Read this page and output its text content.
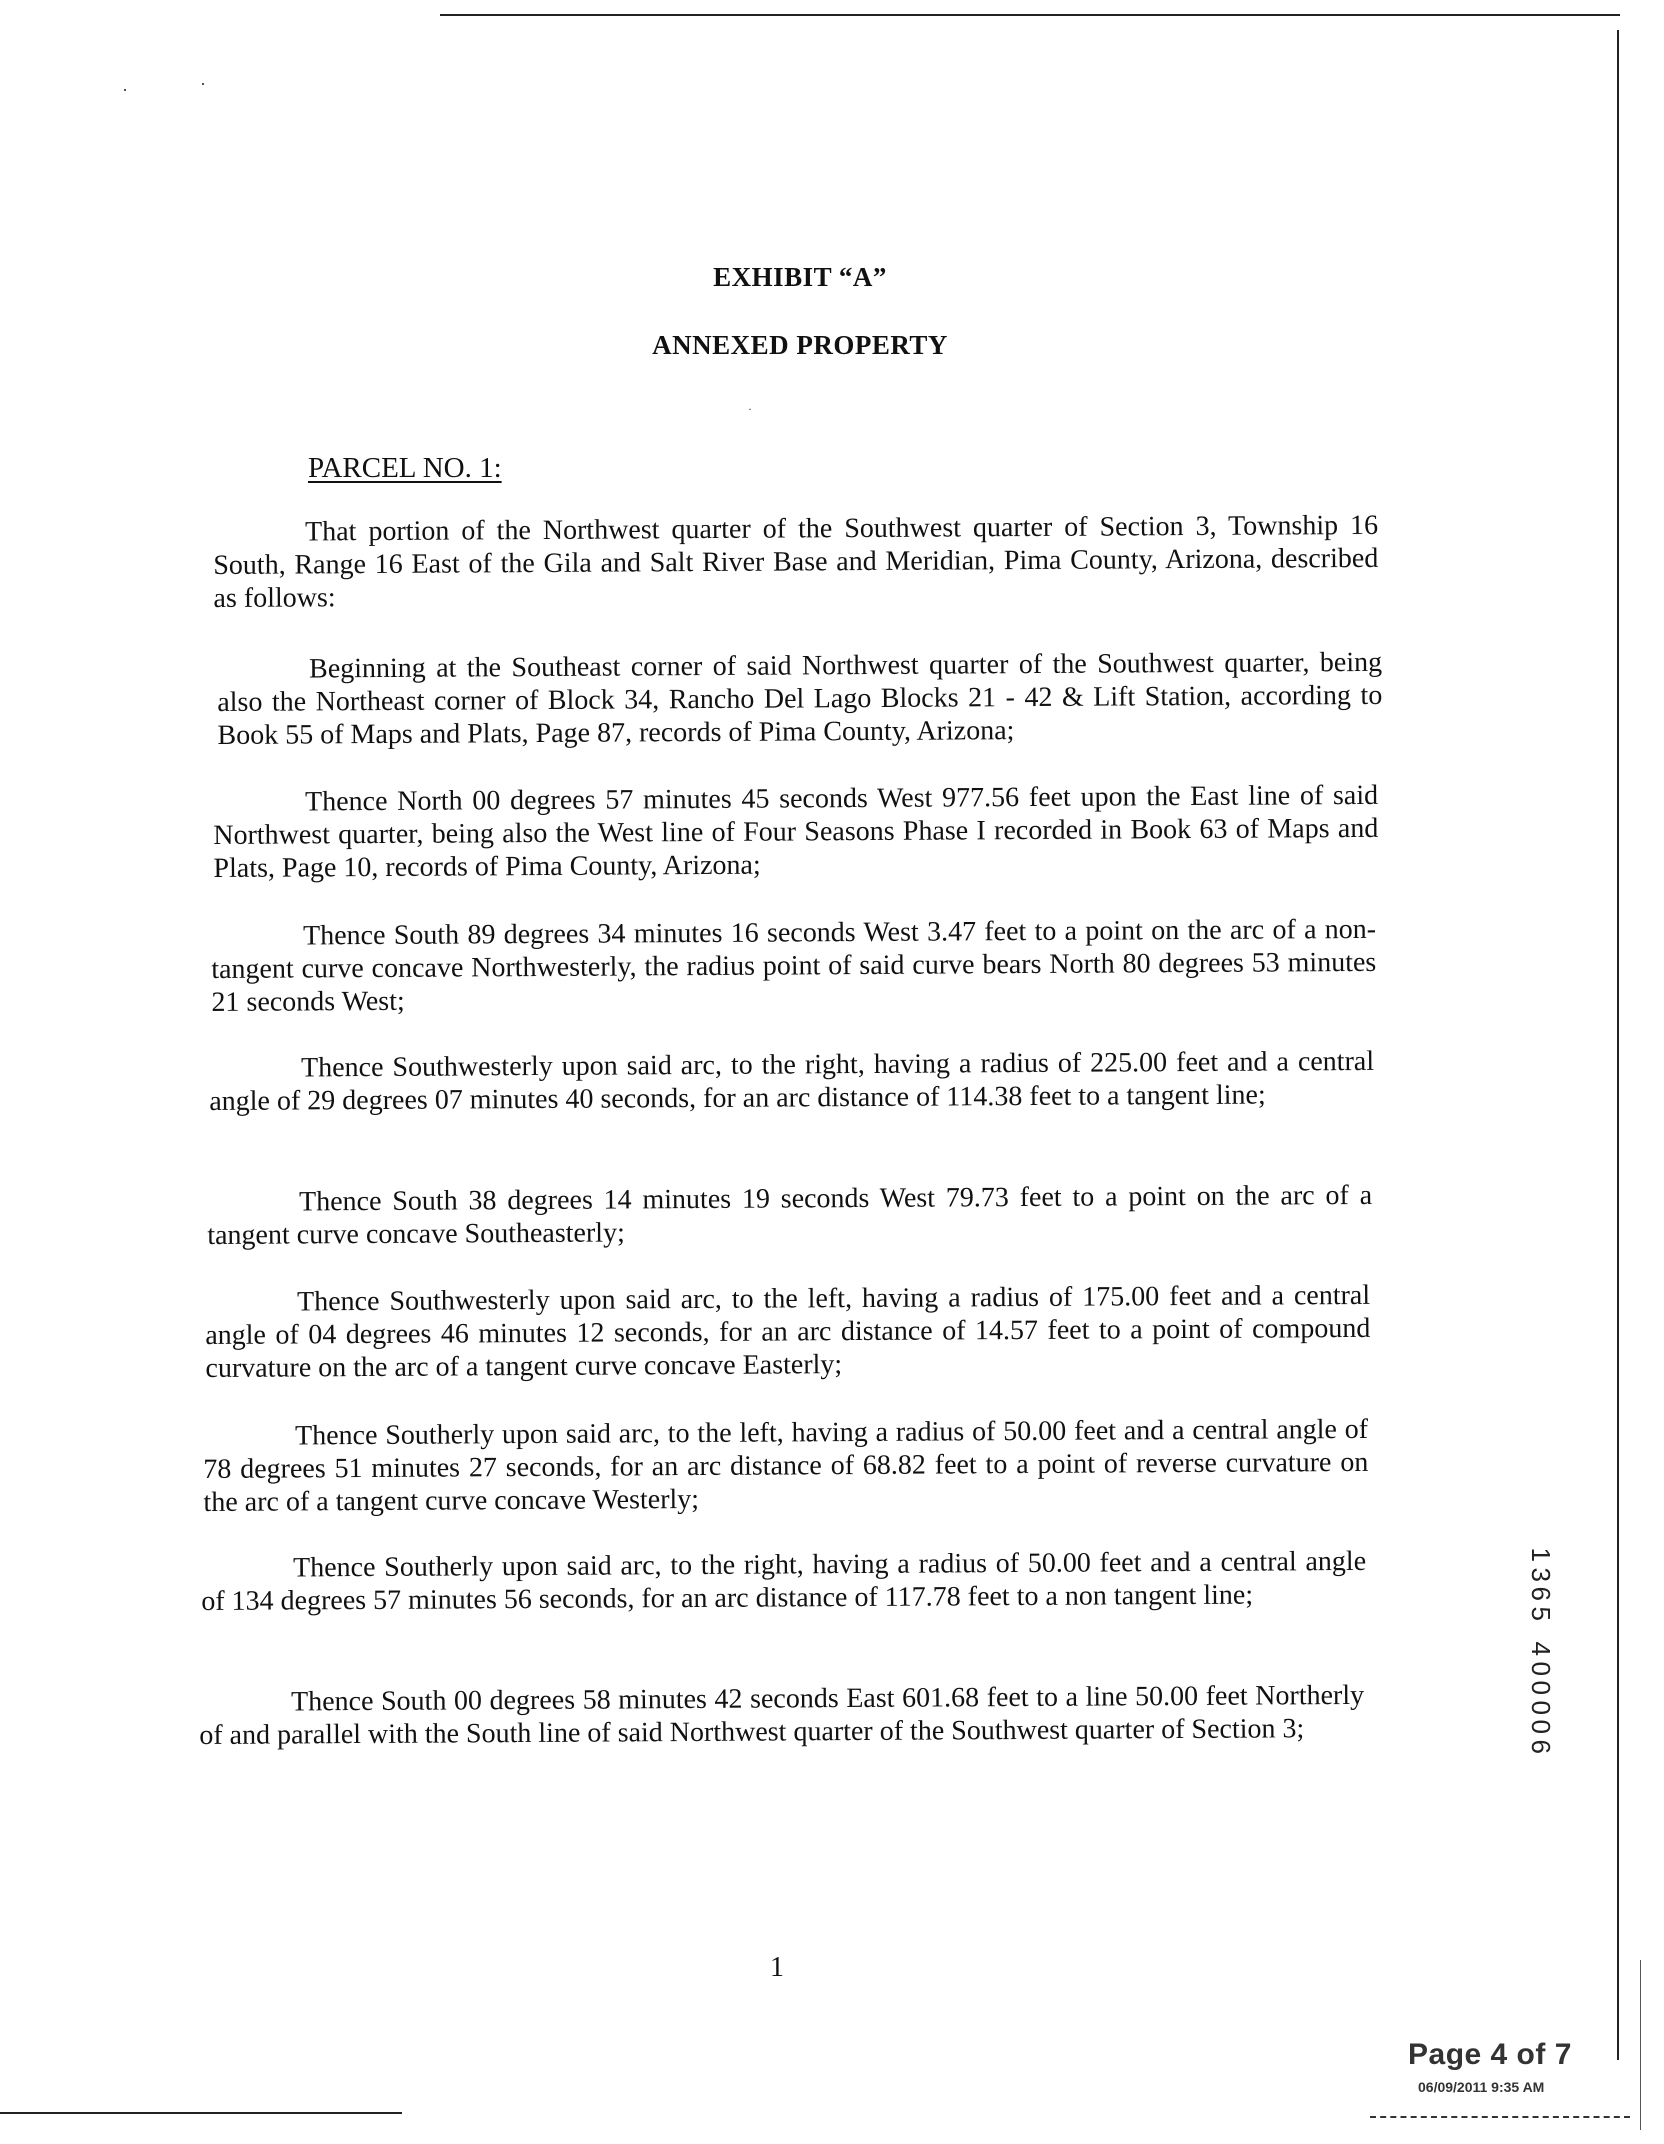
·	·
·
EXHIBIT “A”
ANNEXED PROPERTY
PARCEL NO. 1:
That portion of the Northwest quarter of the Southwest quarter of Section 3, Township 16 South, Range 16 East of the Gila and Salt River Base and Meridian, Pima County, Arizona, described as follows:
Beginning at the Southeast corner of said Northwest quarter of the Southwest quarter, being also the Northeast corner of Block 34, Rancho Del Lago Blocks 21 - 42 & Lift Station, according to Book 55 of Maps and Plats, Page 87, records of Pima County, Arizona;
Thence North 00 degrees 57 minutes 45 seconds West 977.56 feet upon the East line of said Northwest quarter, being also the West line of Four Seasons Phase I recorded in Book 63 of Maps and Plats, Page 10, records of Pima County, Arizona;
Thence South 89 degrees 34 minutes 16 seconds West 3.47 feet to a point on the arc of a non-tangent curve concave Northwesterly, the radius point of said curve bears North 80 degrees 53 minutes 21 seconds West;
Thence Southwesterly upon said arc, to the right, having a radius of 225.00 feet and a central angle of 29 degrees 07 minutes 40 seconds, for an arc distance of 114.38 feet to a tangent line;
Thence South 38 degrees 14 minutes 19 seconds West 79.73 feet to a point on the arc of a tangent curve concave Southeasterly;
Thence Southwesterly upon said arc, to the left, having a radius of 175.00 feet and a central angle of 04 degrees 46 minutes 12 seconds, for an arc distance of 14.57 feet to a point of compound curvature on the arc of a tangent curve concave Easterly;
Thence Southerly upon said arc, to the left, having a radius of 50.00 feet and a central angle of 78 degrees 51 minutes 27 seconds, for an arc distance of 68.82 feet to a point of reverse curvature on the arc of a tangent curve concave Westerly;
Thence Southerly upon said arc, to the right, having a radius of 50.00 feet and a central angle of 134 degrees 57 minutes 56 seconds, for an arc distance of 117.78 feet to a non tangent line;
Thence South 00 degrees 58 minutes 42 seconds East 601.68 feet to a line 50.00 feet Northerly of and parallel with the South line of said Northwest quarter of the Southwest quarter of Section 3;
1
3
6
5
4
0
0
0
0
6
1
Page 4 of 7
06/09/2011 9:35 AM
